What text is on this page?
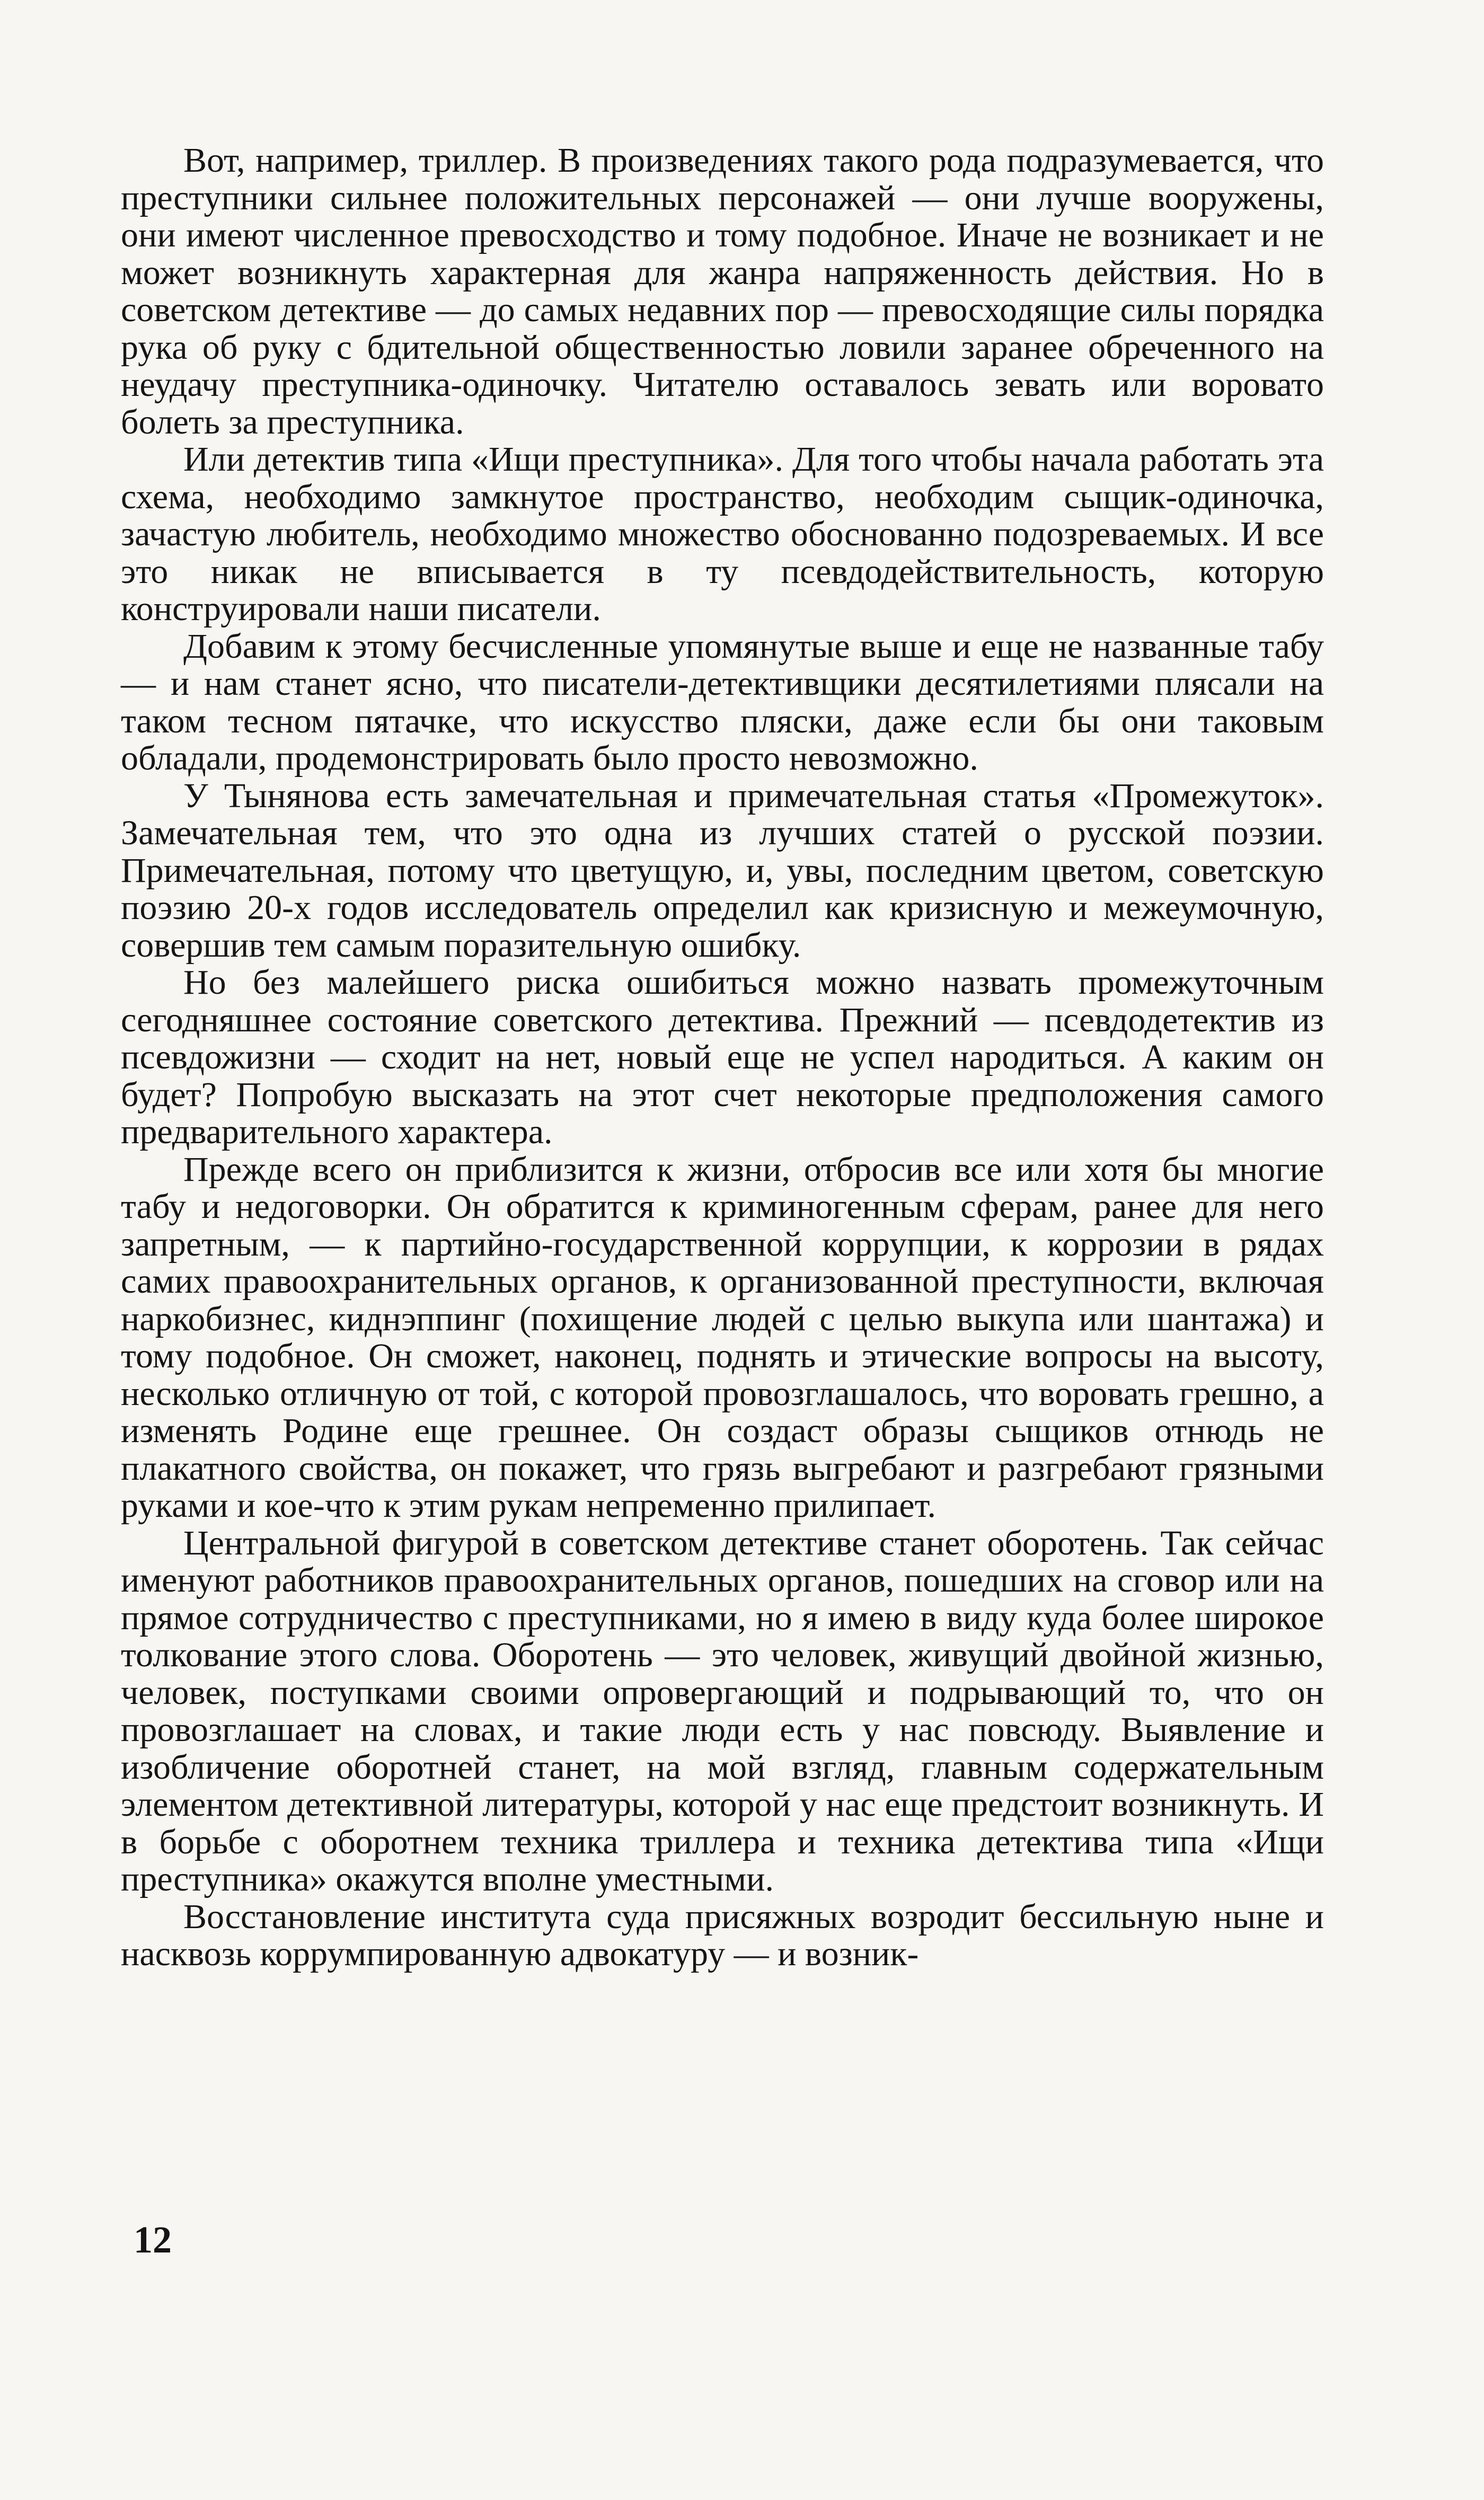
Вот, например, триллер. В произведениях такого рода подразумевается, что преступники сильнее положительных персонажей — они лучше вооружены, они имеют численное превосходство и тому подобное. Иначе не возникает и не может возникнуть характерная для жанра напряженность действия. Но в советском детективе — до самых недавних пор — превосходящие силы порядка рука об руку с бдительной общественностью ловили заранее обреченного на неудачу преступника-одиночку. Читателю оставалось зевать или вороватo болеть за преступника.

Или детектив типа «Ищи преступника». Для того чтобы начала работать эта схема, необходимо замкнутое пространство, необходим сыщик-одиночка, зачастую любитель, необходимо множество обоснованно подозреваемых. И все это никак не вписывается в ту псевдодействительность, которую конструировали наши писатели.

Добавим к этому бесчисленные упомянутые выше и еще не названные табу — и нам станет ясно, что писатели-детективщики десятилетиями плясали на таком тесном пятачке, что искусство пляски, даже если бы они таковым обладали, продемонстрировать было просто невозможно.

У Тынянова есть замечательная и примечательная статья «Промежуток». Замечательная тем, что это одна из лучших статей о русской поэзии. Примечательная, потому что цветущую, и, увы, последним цветом, советскую поэзию 20-х годов исследователь определил как кризисную и межеумочную, совершив тем самым поразительную ошибку.

Но без малейшего риска ошибиться можно назвать промежуточным сегодняшнее состояние советского детектива. Прежний — псевдодетектив из псевдожизни — сходит на нет, новый еще не успел народиться. А каким он будет? Попробую высказать на этот счет некоторые предположения самого предварительного характера.

Прежде всего он приблизится к жизни, отбросив все или хотя бы многие табу и недоговорки. Он обратится к криминогенным сферам, ранее для него запретным, — к партийно-государственной коррупции, к коррозии в рядах самих правоохранительных органов, к организованной преступности, включая наркобизнес, киднэппинг (похищение людей с целью выкупа или шантажа) и тому подобное. Он сможет, наконец, поднять и этические вопросы на высоту, несколько отличную от той, с которой провозглашалось, что воровать грешно, а изменять Родине еще грешнее. Он создаст образы сыщиков отнюдь не плакатного свойства, он покажет, что грязь выгребают и разгребают грязными руками и кое-что к этим рукам непременно прилипает.

Центральной фигурой в советском детективе станет оборотень. Так сейчас именуют работников правоохранительных органов, пошедших на сговор или на прямое сотрудничество с преступниками, но я имею в виду куда более широкое толкование этого слова. Оборотень — это человек, живущий двойной жизнью, человек, поступками своими опровергающий и подрывающий то, что он провозглашает на словах, и такие люди есть у нас повсюду. Выявление и изобличение оборотней станет, на мой взгляд, главным содержательным элементом детективной литературы, которой у нас еще предстоит возникнуть. И в борьбе с оборотнем техника триллера и техника детектива типа «Ищи преступника» окажутся вполне уместными.

Восстановление института суда присяжных возродит бессильную ныне и насквозь коррумпированную адвокатуру — и возник-

12
